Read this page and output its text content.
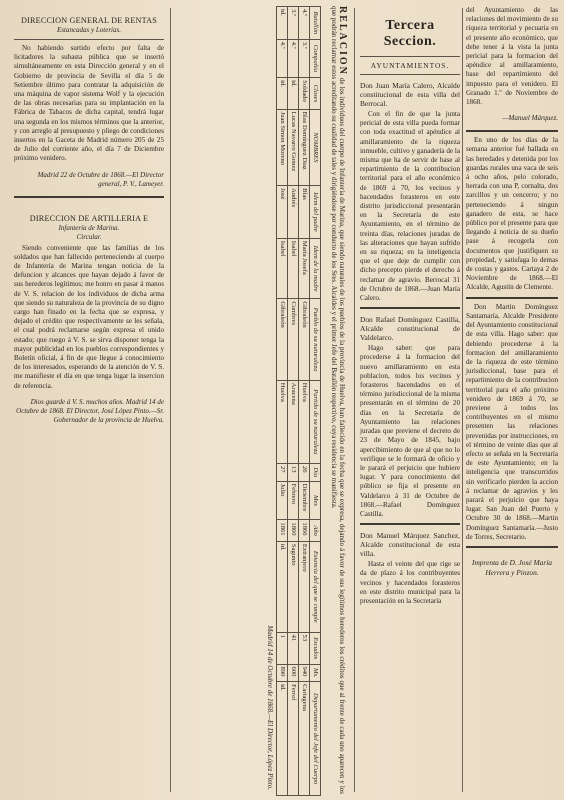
DIRECCION GENERAL DE RENTAS
Estancadas y Loterías.

No habiendo surtido efecto por falta de licitadores la subasta pública que se insertó simultáneamente en esta Dirección general y en el Gobierno de provincia de Sevilla el día 5 de Setiembre último para contratar la adquisición de una máquina de vapor sistema Wolf y la ejecución de las obras necesarias para su implantación en la Fábrica de Tabacos de dicha capital, tendrá lugar una segunda en los mismos términos que la anterior, y con arreglo al presupuesto y pliego de condiciones insertos en la Gaceta de Madrid número 205 de 25 de Julio del corriente año, el día 7 de Diciembre próximo venidero.

Madrid 22 de Octubre de 1868.—El Director general, P. V., Lameyer.

DIRECCION DE ARTILLERIA E
Infantería de Marina.
Circular.

Siendo conveniente que las familias de los soldados que han fallecido perteneciendo al cuerpo de Infantería de Marina tengan noticia de la defuncion y alcances que hayan dejado á favor de sus herederos legítimos; me honro en pasar á manos de V. S. relacion de los individuos de dicha arma que siendo su naturaleza de la provincia de su digno cargo han finado en la fecha que se expresa, y dejado el crédito que respectivamente se les señala, el cual podrá reclamarse según expresa el unido estado; que ruego á V. S. se sirva disponer tenga la mayor publicidad en los pueblos correspondientes y Boletín oficial, á fin de que llegue á conocimiento de los interesados, esperando de la atención de V. S. me manifieste el día en que tenga lugar la insercion de referencia.

Dios guarde á V. S. muchos años. Madrid 14 de Octubre de 1868. El Director, José López Pinto.—Sr. Gobernador de la provincia de Huelva.

RELACION de los individuos del cuerpo de Infantería de Marina, que siendo naturales de los pueblos de la provincia de Huelva, han fallecido en la fecha que se expresa, dejando á favor de sus legítimos herederos los créditos que al frente de cada uno aparecen y los que podrán reclamar estos acreditando su cualidad de tales y dirigiéndose por conducto de los Sres. Alcaldes y el primer Jefe del Batallón respectivo, cuya residencia se manifiesta.
Batallón	Compañía	Clases	NOMBRES	Idem del padre	Idem de la madre	Pueblo de su naturaleza	Partido de su naturaleza	Día	Mes	Año	Estancia del que se cumple	Escudos	Ms.	Departamento del Jefe del Cuerpo
4.º	3.ª	Soldado	Blas Domínguez Diaz	Blas	María Josefa	Gibraleón	Huelva	26	Diciembre	1866	Extranjero	53	940	Cartagena
3.º	4.ª	id.	Lucas Navarro Gomez	Andrés	Isabel	Cumbres	Aracena	13	Febrero	1860	Sagunto	41	600	Ferrol
id.	4.ª	id.	Juan Simon Moreno	José	Isabel	Gibraleón	Huelva	27	Julio	1861	id.	1	890	id.
Madrid 14 de Octubre de 1868.—El Director, López Pinto.
Tercera Seccion.
AYUNTAMIENTOS.

Don Juan María Calero, Alcalde constitucional de esta villa del Berrocal.

Con el fin de que la junta pericial de esta villa pueda formar con toda exactitud el apéndice al amillaramiento de la riqueza inmueble, cultivo y ganadería de la misma que ha de servir de base al repartimiento de la contribucion territorial para el año económico de 1869 á 70, los vecinos y hacendados forasteros en este distrito jurisdiccional presentarán en la Secretaría de este Ayuntamiento, en el término de treinta días, relaciones juradas de las alteraciones que hayan sufrido en su riqueza; en la inteligencia que el que deje de cumplir con dicho precepto pierde el derecho á reclamar de agravio. Berrocal 31 de Octubre de 1868.—Juan María Calero.

Don Rafael Domínguez Castilla, Alcalde constitucional de Valdelarco.

Hago saber: que para procederse á la formacion del nuevo amillaramiento en esta poblacion, todos los vecinos y forasteros hacendados en el término jurisdiccional de la misma presentarán en el término de 20 días en la Secretaría de Ayuntamiento las relaciones juradas que previene el decreto de 23 de Mayo de 1845, bajo apercibimiento de que al que no lo verifique se le formará de oficio y le parará el perjuicio que hubiere lugar. Y para conocimiento del público se fija el presente en Valdelarco á 31 de Octubre de 1868.—Rafael Domínguez Castilla.

Don Manuel Márquez Sanchez, Alcalde constitucional de esta villa.

Hasta el veinte del que rige se da de plazo á los contribuyentes vecinos y hacendados forasteros en este distrito municipal para la presentación en la Secretaría

del Ayuntamiento de las relaciones del movimiento de su riqueza territorial y pecuaria en el presente año económico, que debe tener á la vista la junta pericial para la formacion del apéndice al amillaramiento, base del repartimiento del impuesto para el venidero. El Granado 1.º de Noviembre de 1868.

—Manuel Márquez.

En uno de los días de la semana anterior fué hallada en las heredades y detenida por los guardas rurales una vaca de seis á ocho años, pelo colorado, herrada con una P, cornalta, dos zarcillos y un cencerro; y no perteneciendo á ningun ganadero de esta, se hace público por el presente para que llegando á noticia de su dueño pase á recogerla con documentos que justifiquen su propiedad, y satisfaga lo demas de costas y gastos. Cartaya 2 de Noviembre de 1868.—El Alcalde, Agustín de Clemente.

Don Martin Domínguez Santamaría, Alcalde Presidente del Ayuntamiento constitucional de esta villa. Hago saber: que debiendo procederse á la formacion del amillaramiento de la riqueza de este término jurisdiccional, base para el repartimiento de la contribucion territorial para el año próximo venidero de 1869 á 70, se previene á todos los contribuyentes en el mismo presenten las relaciones prevenidas por instrucciones, en el término de veinte días que al efecto se señala en la Secretaría de este Ayuntamiento; en la inteligencia que transcurridos sin verificarlo pierden la accion á reclamar de agravios y les parará el perjuicio que haya lugar. San Juan del Puerto y Octubre 30 de 1868.—Martin Domínguez Santamaría.—Justo de Torres, Secretario.

Imprenta de D. José María Herrera y Pinzon.
